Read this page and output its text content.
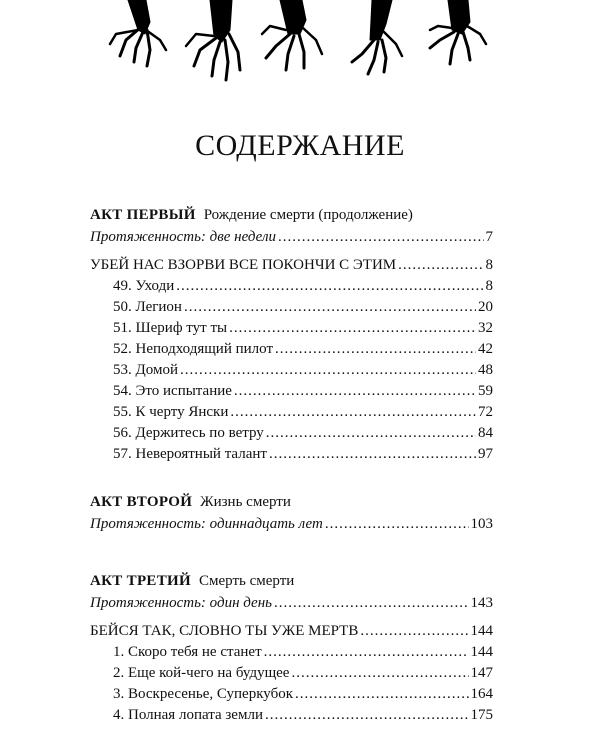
СОДЕРЖАНИЕ
АКТ ПЕРВЫЙ Рождение смерти (продолжение)
Протяженность: две недели .....	7
УБЕЙ НАС ВЗОРВИ ВСЕ ПОКОНЧИ С ЭТИМ .....	8
49. Уходи .....	8
50. Легион .....	20
51. Шериф тут ты .....	32
52. Неподходящий пилот .....	42
53. Домой .....	48
54. Это испытание .....	59
55. К черту Янски .....	72
56. Держитесь по ветру .....	84
57. Невероятный талант .....	97
АКТ ВТОРОЙ Жизнь смерти
Протяженность: одиннадцать лет .....	103
АКТ ТРЕТИЙ Смерть смерти
Протяженность: один день .....	143
БЕЙСЯ ТАК, СЛОВНО ТЫ УЖЕ МЕРТВ .....	144
1. Скоро тебя не станет .....	144
2. Еще кой-чего на будущее .....	147
3. Воскресенье, Суперкубок .....	164
4. Полная лопата земли .....	175
